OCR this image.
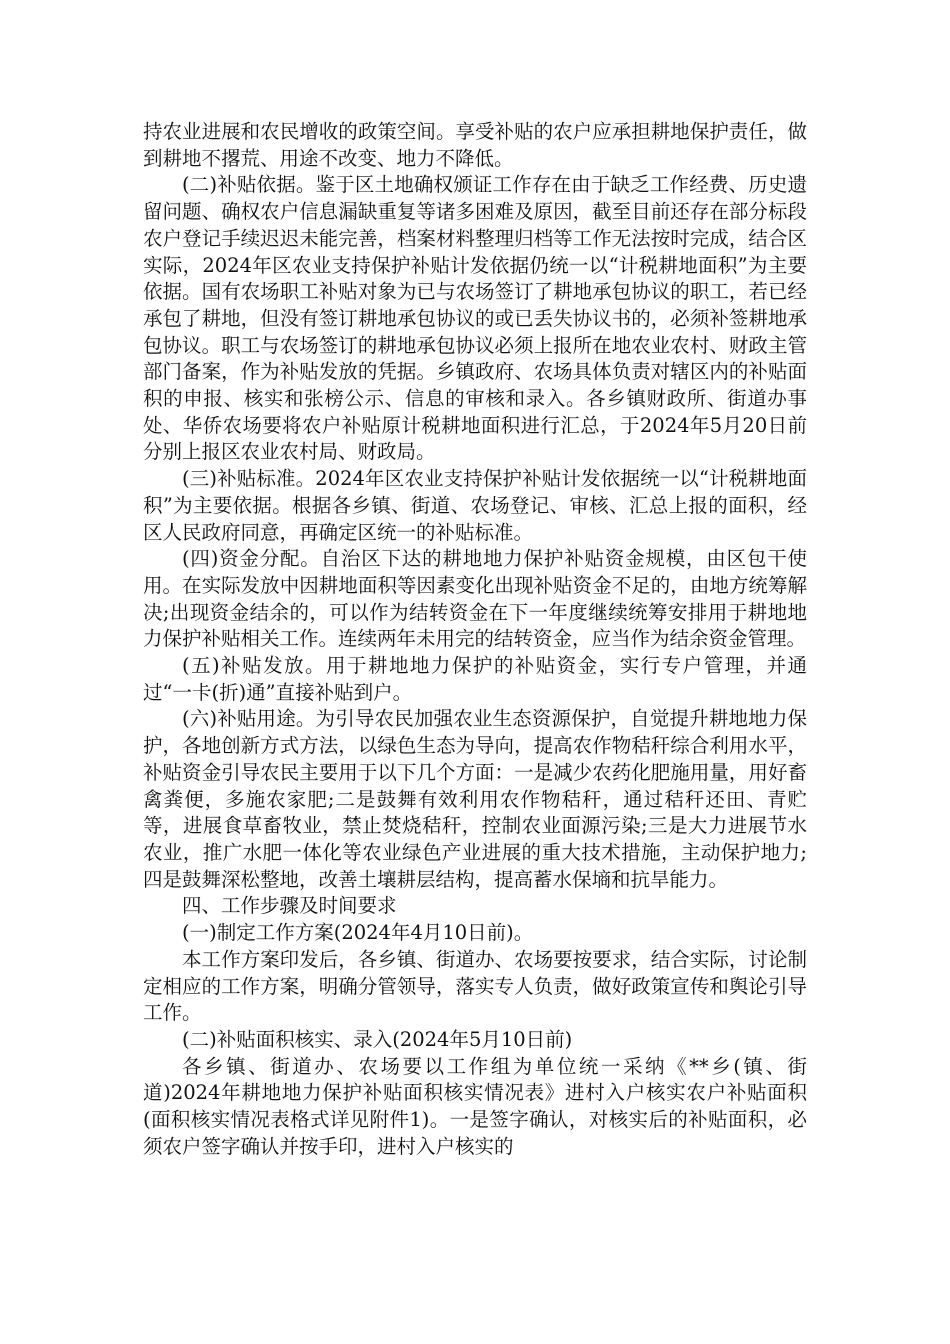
持农业进展和农民增收的政策空间。享受补贴的农户应承担耕地保护责任，做到耕地不撂荒、用途不改变、地力不降低。

(二)补贴依据。鉴于区土地确权颁证工作存在由于缺乏工作经费、历史遗留问题、确权农户信息漏缺重复等诸多困难及原因，截至目前还存在部分标段农户登记手续迟迟未能完善，档案材料整理归档等工作无法按时完成，结合区实际，2024年区农业支持保护补贴计发依据仍统一以“计税耕地面积”为主要依据。国有农场职工补贴对象为已与农场签订了耕地承包协议的职工，若已经承包了耕地，但没有签订耕地承包协议的或已丢失协议书的，必须补签耕地承包协议。职工与农场签订的耕地承包协议必须上报所在地农业农村、财政主管部门备案，作为补贴发放的凭据。乡镇政府、农场具体负责对辖区内的补贴面积的申报、核实和张榜公示、信息的审核和录入。各乡镇财政所、街道办事处、华侨农场要将农户补贴原计税耕地面积进行汇总，于2024年5月20日前分别上报区农业农村局、财政局。

(三)补贴标准。2024年区农业支持保护补贴计发依据统一以“计税耕地面积”为主要依据。根据各乡镇、街道、农场登记、审核、汇总上报的面积，经区人民政府同意，再确定区统一的补贴标准。

(四)资金分配。自治区下达的耕地地力保护补贴资金规模，由区包干使用。在实际发放中因耕地面积等因素变化出现补贴资金不足的，由地方统筹解决;出现资金结余的，可以作为结转资金在下一年度继续统筹安排用于耕地地力保护补贴相关工作。连续两年未用完的结转资金，应当作为结余资金管理。

(五)补贴发放。用于耕地地力保护的补贴资金，实行专户管理，并通过“一卡(折)通”直接补贴到户。

(六)补贴用途。为引导农民加强农业生态资源保护，自觉提升耕地地力保护，各地创新方式方法，以绿色生态为导向，提高农作物秸秆综合利用水平，补贴资金引导农民主要用于以下几个方面：一是减少农药化肥施用量，用好畜禽粪便，多施农家肥;二是鼓舞有效利用农作物秸秆，通过秸秆还田、青贮等，进展食草畜牧业，禁止焚烧秸秆，控制农业面源污染;三是大力进展节水农业，推广水肥一体化等农业绿色产业进展的重大技术措施，主动保护地力;四是鼓舞深松整地，改善土壤耕层结构，提高蓄水保墒和抗旱能力。

四、工作步骤及时间要求

(一)制定工作方案(2024年4月10日前)。

本工作方案印发后，各乡镇、街道办、农场要按要求，结合实际，讨论制定相应的工作方案，明确分管领导，落实专人负责，做好政策宣传和舆论引导工作。

(二)补贴面积核实、录入(2024年5月10日前)

各乡镇、街道办、农场要以工作组为单位统一采纳《**乡(镇、街道)2024年耕地地力保护补贴面积核实情况表》进村入户核实农户补贴面积(面积核实情况表格式详见附件1)。一是签字确认，对核实后的补贴面积，必须农户签字确认并按手印，进村入户核实的
